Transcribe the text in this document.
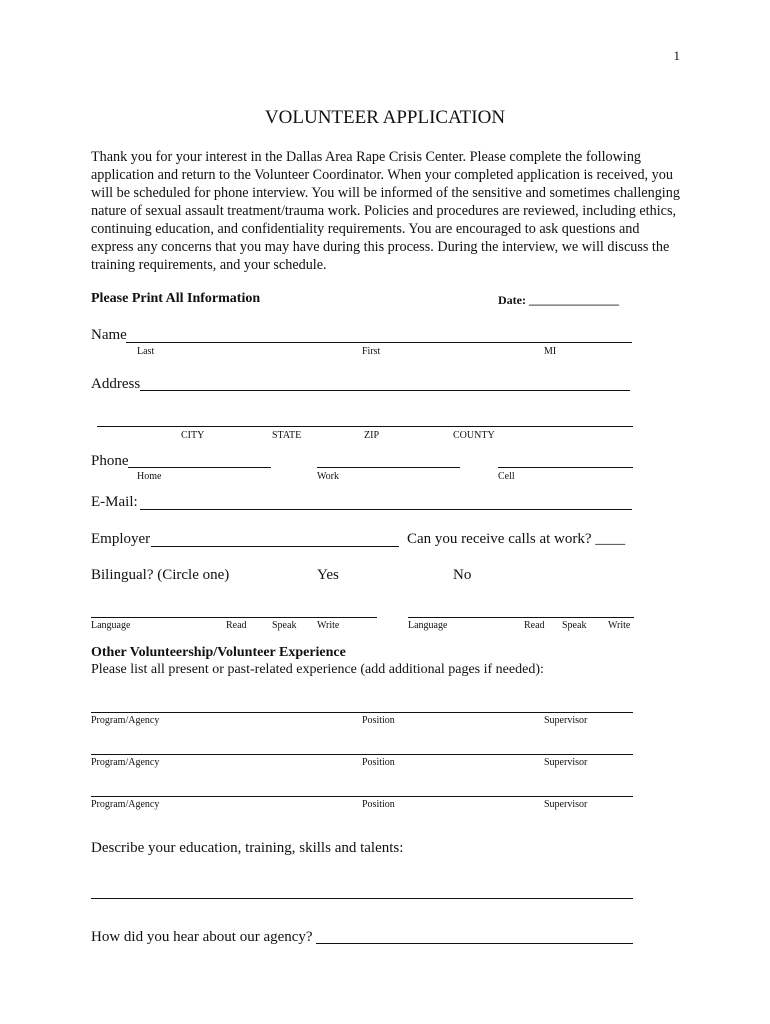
1
VOLUNTEER APPLICATION
Thank you for your interest in the Dallas Area Rape Crisis Center. Please complete the following application and return to the Volunteer Coordinator. When your completed application is received, you will be scheduled for phone interview. You will be informed of the sensitive and sometimes challenging nature of sexual assault treatment/trauma work. Policies and procedures are reviewed, including ethics, continuing education, and confidentiality requirements. You are encouraged to ask questions and express any concerns that you may have during this process. During the interview, we will discuss the training requirements, and your schedule.
Please Print All Information	Date: _______________
Name
Last	First	MI
Address
CITY	STATE	ZIP	COUNTY
Phone
Home	Work	Cell
E-Mail:
Employer	Can you receive calls at work? ____
Bilingual? (Circle one)	Yes	No
Language	Read	Speak Write	Language	Read Speak Write
Other Volunteership/Volunteer Experience
Please list all present or past-related experience (add additional pages if needed):
Program/Agency	Position	Supervisor
Program/Agency	Position	Supervisor
Program/Agency	Position	Supervisor
Describe your education, training, skills and talents:
How did you hear about our agency?
